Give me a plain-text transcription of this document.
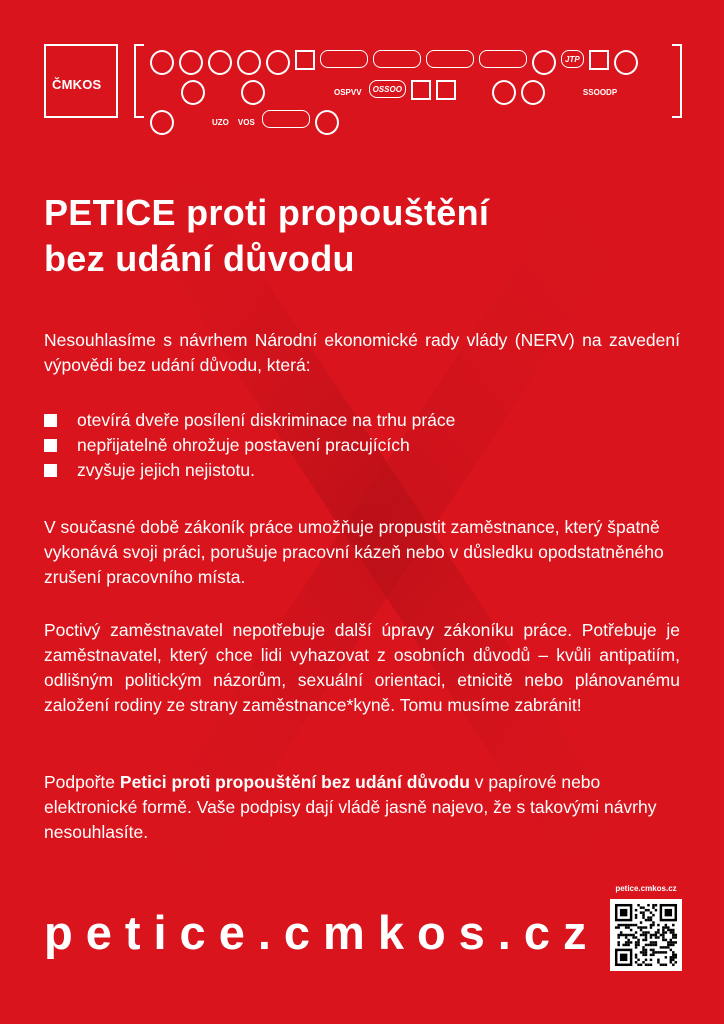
ČMKOS
JTP
OSPVV	OSSOO	SSOODP
UZO VOS
PETICE proti propouštění
bez udání důvodu

Nesouhlasíme s návrhem Národní ekonomické rady vlády (NERV) na zavedení výpovědi bez udání důvodu, která:

otevírá dveře posílení diskriminace na trhu práce
nepřijatelně ohrožuje postavení pracujících
zvyšuje jejich nejistotu.

V současné době zákoník práce umožňuje propustit zaměstnance, který špatně vykonává svoji práci, porušuje pracovní kázeň nebo v důsledku opodstatněného zrušení pracovního místa.

Poctivý zaměstnavatel nepotřebuje další úpravy zákoníku práce. Potřebuje je zaměstnavatel, který chce lidi vyhazovat z osobních důvodů – kvůli antipatiím, odlišným politickým názorům, sexuální orientaci, etnicitě nebo plánovanému založení rodiny ze strany zaměstnance*kyně. Tomu musíme zabránit!

Podpořte Petici proti propouštění bez udání důvodu v papírové nebo elektronické formě. Vaše podpisy dají vládě jasně najevo, že s takovými návrhy nesouhlasíte.

petice.cmkos.cz
petice.cmkos.cz
